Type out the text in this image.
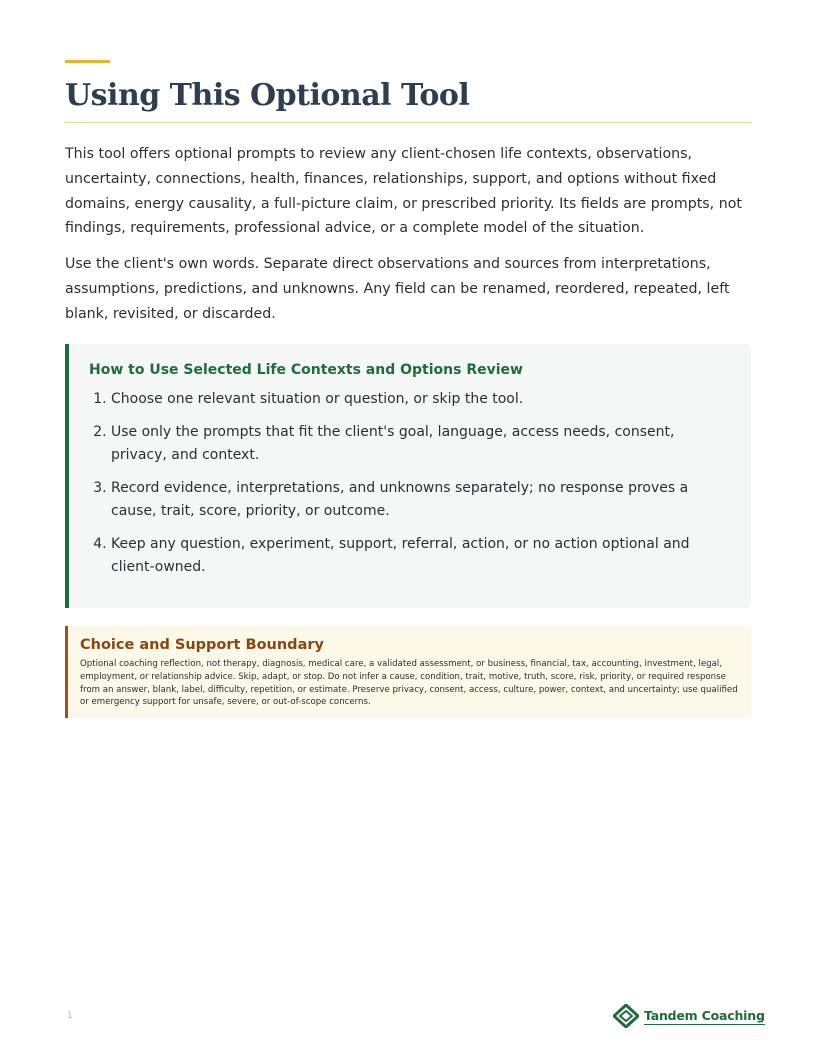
Using This Optional Tool

This tool offers optional prompts to review any client-chosen life contexts, observations, uncertainty, connections, health, finances, relationships, support, and options without fixed domains, energy causality, a full-picture claim, or prescribed priority. Its fields are prompts, not findings, requirements, professional advice, or a complete model of the situation.

Use the client's own words. Separate direct observations and sources from interpretations, assumptions, predictions, and unknowns. Any field can be renamed, reordered, repeated, left blank, revisited, or discarded.

How to Use Selected Life Contexts and Options Review
1. Choose one relevant situation or question, or skip the tool.
2. Use only the prompts that fit the client's goal, language, access needs, consent, privacy, and context.
3. Record evidence, interpretations, and unknowns separately; no response proves a cause, trait, score, priority, or outcome.
4. Keep any question, experiment, support, referral, action, or no action optional and client-owned.
Choice and Support Boundary

Optional coaching reflection, not therapy, diagnosis, medical care, a validated assessment, or business, financial, tax, accounting, investment, legal, employment, or relationship advice. Skip, adapt, or stop. Do not infer a cause, condition, trait, motive, truth, score, risk, priority, or required response from an answer, blank, label, difficulty, repetition, or estimate. Preserve privacy, consent, access, culture, power, context, and uncertainty; use qualified or emergency support for unsafe, severe, or out-of-scope concerns.

1	Tandem Coaching
